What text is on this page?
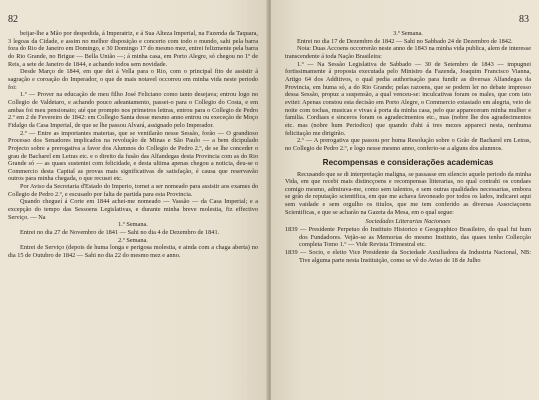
82

beijar-lhe a Mão por despedida, á Imperatriz, e á Sua Alteza Imperial, na Fazenda da Taquara, 3 legoas da Cidade, e assim no melhor disposição e concerto com todo o mundo, sahi pela barra fora do Rio de Janeiro em Domingo, e 30 Domingo 17 do mesmo mez, entrei felizmente pela barra do Rio Grande, no Brigue — Bella União —; á minha casa, em Porto Alegre, só chegou no 1º de Reis, a sete de Janeiro de 1844, e achando todos sem novidade.

Desde Março de 1844, em que dei á Vella para o Rio, com o principal fito de assistir á sagração e coroação do Imperador, o que de mais notavel occorreu em minha vida neste periodo foi:

1.º — Prover na educação de meu filho José Feliciano como tanto desejava; entrou logo no Collegio de Valdetaro, e achando pouco adeantamento, passei-o para o Collegio do Costa, e em ambas foi meu pensionato; até que prompto nos primeiros lettras, entrou para o Collegio de Pedro 2.º em 2 de Fevereiro de 1842: em Collegio Santa desse mesmo anno entrou ou execeção de Moço Fidalgo da Casa Imperial, de que se lhe passou Alvará, assignado pelo Imperador.

2.º — Entre as importantes materias, que se ventilarão nesse Sessão, forão — O grandioso Processo dos Senadores implicados na revolução de Minas e São Paulo — a bem dicipulado Projecto sobre a prerogativa a favor dos Alumnos do Collegio de Pedro 2.º, de se lhe conceder o grau de Bacharel em Letras etc. e o direito da fusão das Alfandegas desta Provincia com as do Rio Grande só — as quaes sustentei com felicidade, e desta ultima apenas chegou a noticia, deu-se o Commercio desta Capital as provas mais significativas de satisfação, é causa que reservavão outros para minha chegada, o que recusei etc.

Por Aviso da Secretaria d'Estado do Imperio, tornei a ser nomeado para assistir aos exames do Collegio de Pedro 2.º, e escusado por falta de partida para esta Provincia.

Quando chegueí á Corte em 1844 achei-me nomeado — Vassão — da Casa Imperial; e a excepção do tempo das Sessoens Legislativas, e durante minha breve molestia, fiz effectivo Serviço. — Na

1.º Semana.

Entrei no dia 27 de Novembro de 1841 — Sahi no dia 4 de Dezembro de 1841.

2.º Semana.

Entrei de Serviço (depois de huma longa e perigosa molestia, e ainda com a chaga aberta) no dia 15 de Outubro de 1842 — Sahi no dia 22 do mesmo mez e anno.

83

3.º Semana.

Entrei no dia 17 de Dezembro de 1842 — Sahi no Sabbado 24 de Dezembro de 1842.

Nota: Duas Accoens occorrerão neste anno de 1843 na minha vida publica, alem de interesse transcendente á toda Nação Brasileira:

1.º — Na Sessão Legislativa de Sabbado — 30 de Setembro de 1843 — impugnei fortissimamente á proposta executada pelo Ministro da Fazenda, Joaquim Francisco Vianna, Artigo 64 dos Additivos, o qual pedia authorisação para fundir as diversas Alfandegas da Provincia, em huma só, a do Rio Grande; pelas razoens, que se podem ler no debate impresso dessa Sessão, propuz a suspensão, a qual venceu-se: inculcativas foram os males, que com isto evitei: Apenas constou esta decisão em Porto Alegre, o Commercio extasiado em alegria, veio de noite com tochas, musicas e vivas á porta da minha casa, pelo que appareceram minha mulher e familia. Cordiaes e sinceros foram os agradecimentos etc., mas (nobre lhe dos agradecimentos etc. mas (nobre hum Periodico) que quando d'ahi á tres mezes appareci nesta, nenhuma felicitação me dirigirão.

2.º — A prerogativa que passou por huma Resolução sobre o Grão de Bacharel em Letras, no Collegio de Pedro 2.º, e logo nesse mesmo anno, conferio-se a alguns dos alumnos.

Recompensas e considerações academicas

Recusando que se di interpretação maligna, se passasse em silencio aquele periodo da minha Vida, em que recebi mais distincçoens e recompensas litterarias, no qual contrahi os condaes comigo mesmo, admirava-me, como sem talentos, e sem outras qualidades necessarias, embora se grão de reputação scientifica, em que me achava favoneado por todos os lados, indicarei aqui sem vaidade e sem orgulho os titulos, que me tem conferido as diversas Associaçoens Scientificas, e que se acharão na Gazeta da Mesa, em o qual segue:

Sociedades Litterarias Nacionaes

1839 — Presidente Perpetuo do Instituto Historico e Geographico Brasileiro, do qual fui hum dos Fundadores. Vejão-se as Memorias do mesmo Instituto, das quaes tenho Collecção completa Tomo 1.º — Vide Revista Trimestral etc.

1839 — Socio, e eleito Vice Presidente da Sociedade Auxiliadora da Industria Nacional, NB: Tive alguma parte nesta Instituição, como se vê do Aviso de 18 de Julho
